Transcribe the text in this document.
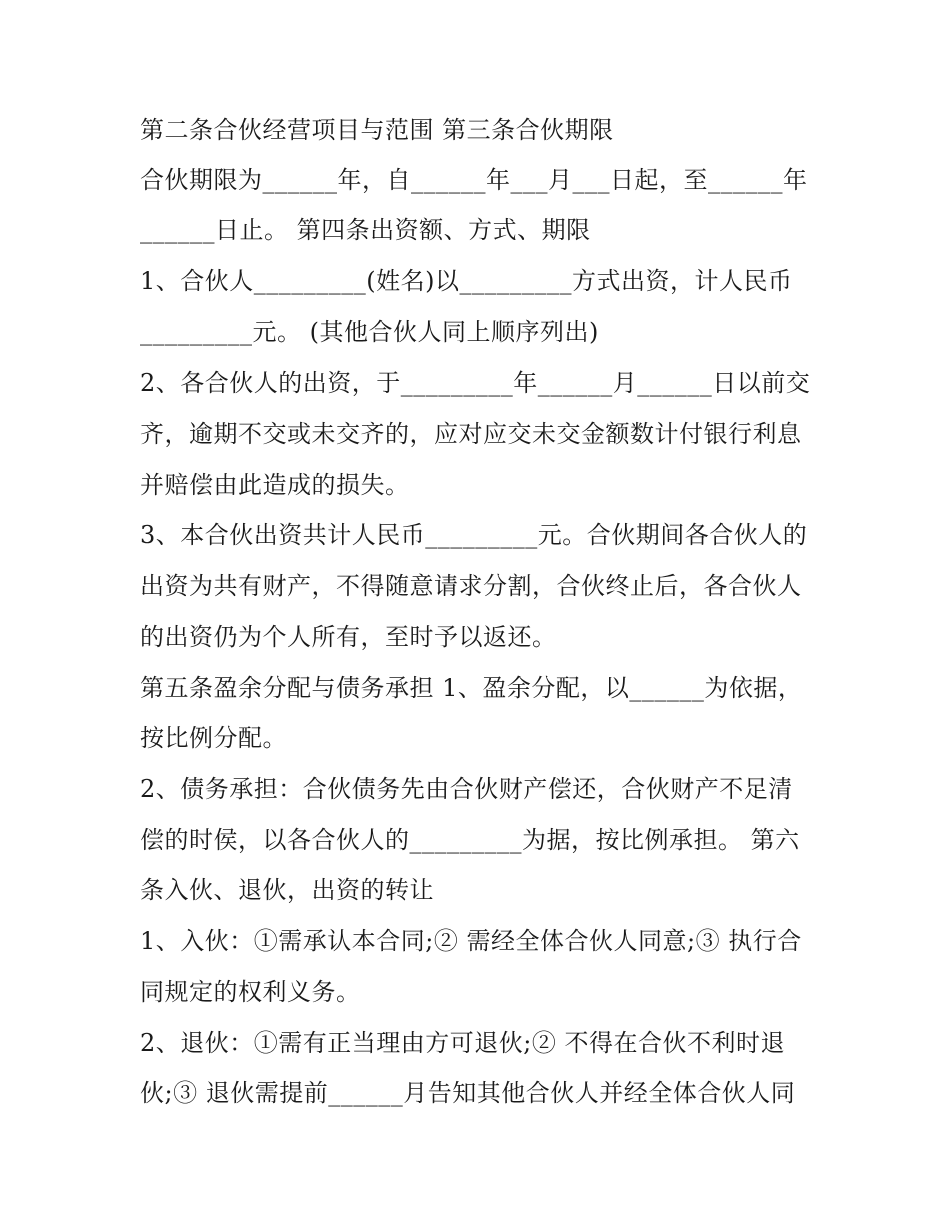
第二条合伙经营项目与范围 第三条合伙期限
合伙期限为______年，自______年___月___日起，至______年
______日止。 第四条出资额、方式、期限
1、合伙人_________(姓名)以_________方式出资，计人民币
_________元。 (其他合伙人同上顺序列出)
2、各合伙人的出资，于_________年______月______日以前交
齐，逾期不交或未交齐的，应对应交未交金额数计付银行利息
并赔偿由此造成的损失。
3、本合伙出资共计人民币_________元。合伙期间各合伙人的
出资为共有财产，不得随意请求分割，合伙终止后，各合伙人
的出资仍为个人所有，至时予以返还。
第五条盈余分配与债务承担 1、盈余分配，以______为依据，
按比例分配。
2、债务承担：合伙债务先由合伙财产偿还，合伙财产不足清
偿的时侯，以各合伙人的_________为据，按比例承担。 第六
条入伙、退伙，出资的转让
1、入伙：①需承认本合同;② 需经全体合伙人同意;③ 执行合
同规定的权利义务。
2、退伙：①需有正当理由方可退伙;② 不得在合伙不利时退
伙;③ 退伙需提前______月告知其他合伙人并经全体合伙人同
